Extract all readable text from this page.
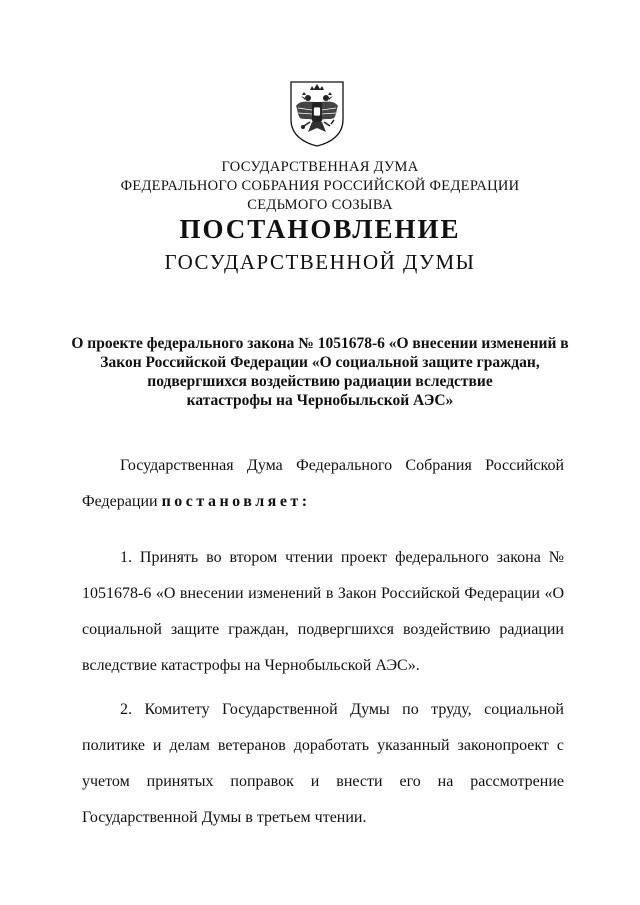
ГОСУДАРСТВЕННАЯ ДУМА
ФЕДЕРАЛЬНОГО СОБРАНИЯ РОССИЙСКОЙ ФЕДЕРАЦИИ
СЕДЬМОГО СОЗЫВА
ПОСТАНОВЛЕНИЕ
ГОСУДАРСТВЕННОЙ ДУМЫ
О проекте федерального закона № 1051678-6 «О внесении изменений в
Закон Российской Федерации «О социальной защите граждан,
подвергшихся воздействию радиации вследствие
катастрофы на Чернобыльской АЭС»

Государственная Дума Федерального Собрания Российской Федерации постановляет:

1. Принять во втором чтении проект федерального закона № 1051678-6 «О внесении изменений в Закон Российской Федерации «О социальной защите граждан, подвергшихся воздействию радиации вследствие катастрофы на Чернобыльской АЭС».

2. Комитету Государственной Думы по труду, социальной политике и делам ветеранов доработать указанный законопроект с учетом принятых поправок и внести его на рассмотрение Государственной Думы в третьем чтении.
